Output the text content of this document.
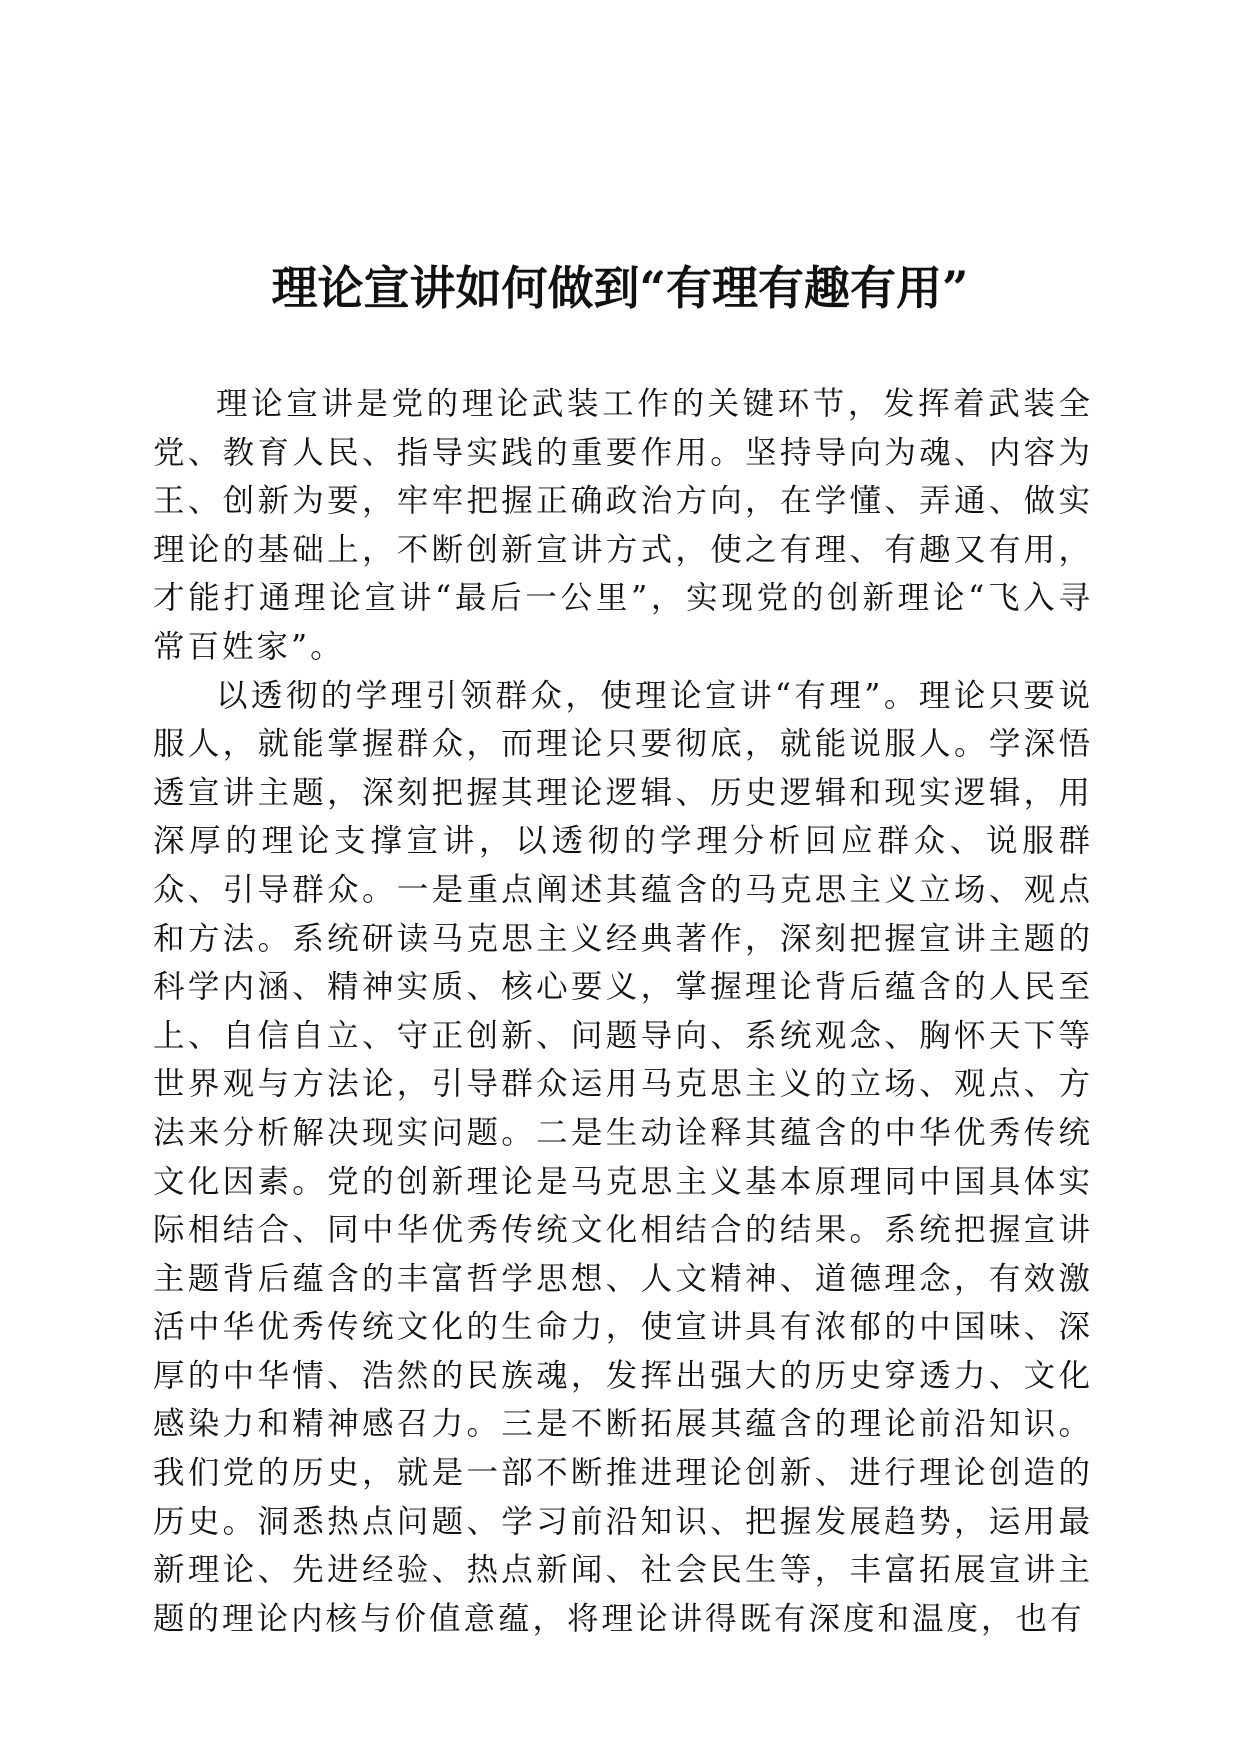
理论宣讲如何做到“有理有趣有用”

理论宣讲是党的理论武装工作的关键环节，发挥着武装全党、教育人民、指导实践的重要作用。坚持导向为魂、内容为王、创新为要，牢牢把握正确政治方向，在学懂、弄通、做实理论的基础上，不断创新宣讲方式，使之有理、有趣又有用，才能打通理论宣讲“最后一公里”，实现党的创新理论“飞入寻常百姓家”。

以透彻的学理引领群众，使理论宣讲“有理”。理论只要说服人，就能掌握群众，而理论只要彻底，就能说服人。学深悟透宣讲主题，深刻把握其理论逻辑、历史逻辑和现实逻辑，用深厚的理论支撑宣讲，以透彻的学理分析回应群众、说服群众、引导群众。一是重点阐述其蕴含的马克思主义立场、观点和方法。系统研读马克思主义经典著作，深刻把握宣讲主题的科学内涵、精神实质、核心要义，掌握理论背后蕴含的人民至上、自信自立、守正创新、问题导向、系统观念、胸怀天下等世界观与方法论，引导群众运用马克思主义的立场、观点、方法来分析解决现实问题。二是生动诠释其蕴含的中华优秀传统文化因素。党的创新理论是马克思主义基本原理同中国具体实际相结合、同中华优秀传统文化相结合的结果。系统把握宣讲主题背后蕴含的丰富哲学思想、人文精神、道德理念，有效激活中华优秀传统文化的生命力，使宣讲具有浓郁的中国味、深厚的中华情、浩然的民族魂，发挥出强大的历史穿透力、文化感染力和精神感召力。三是不断拓展其蕴含的理论前沿知识。我们党的历史，就是一部不断推进理论创新、进行理论创造的历史。洞悉热点问题、学习前沿知识、把握发展趋势，运用最新理论、先进经验、热点新闻、社会民生等，丰富拓展宣讲主题的理论内核与价值意蕴，将理论讲得既有深度和温度，也有
